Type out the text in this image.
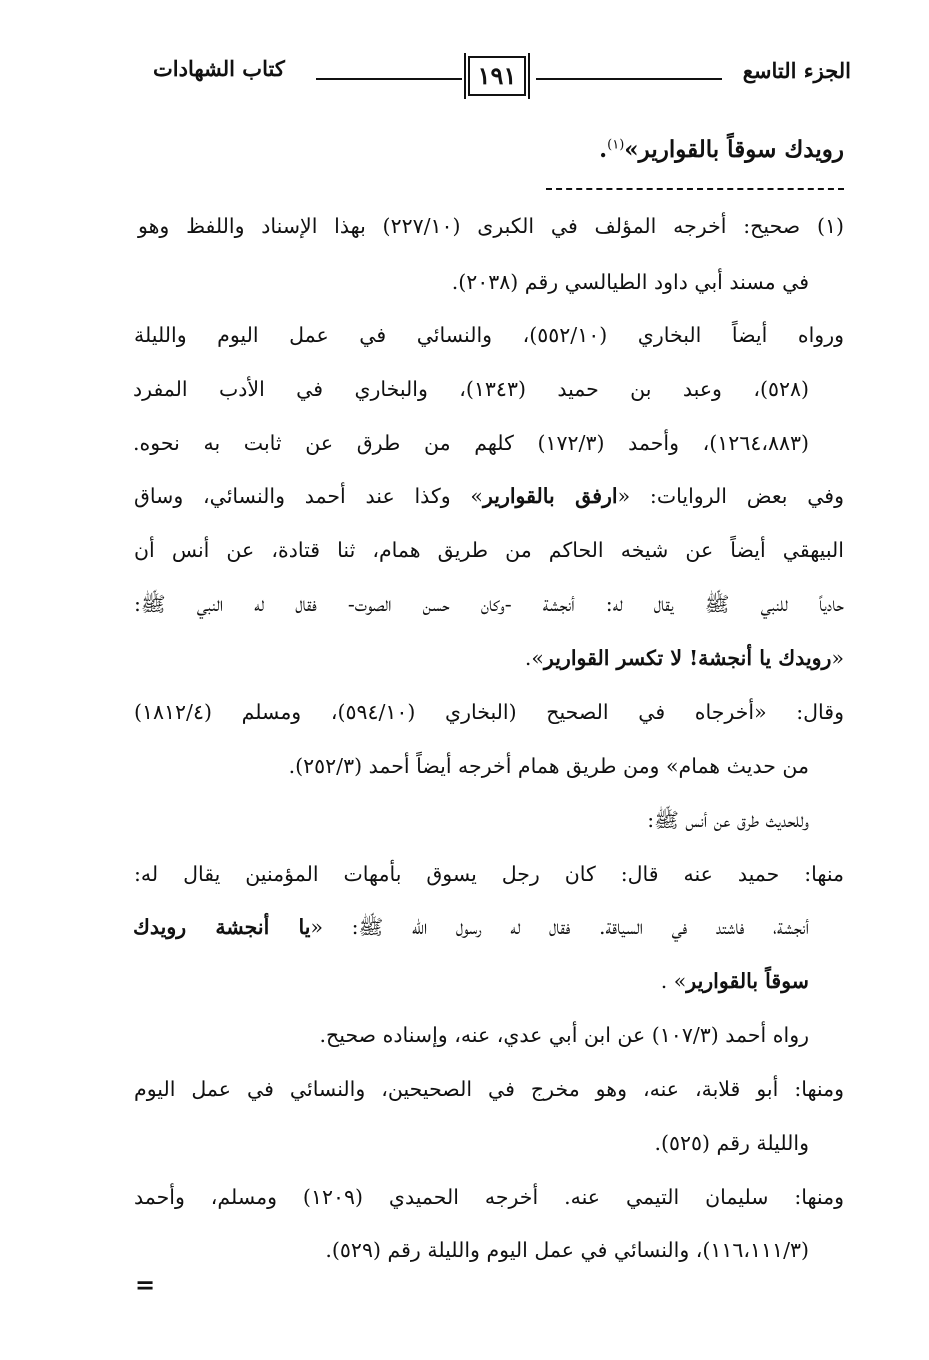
الجزء التاسع
١٩١
كتاب الشهادات
رويدك سوقاً بالقوارير»$^{(١)}$.
(١) صحيح: أخرجه المؤلف في الكبرى (٢٢٧/١٠) بهذا الإسناد واللفظ وهو
في مسند أبي داود الطيالسي رقم (٢٠٣٨).
ورواه أيضاً البخاري (٥٥٢/١٠)، والنسائي في عمل اليوم والليلة
(٥٢٨)، وعبد بن حميد (١٣٤٣)، والبخاري في الأدب المفرد
(١٢٦٤،٨٨٣)، وأحمد (١٧٢/٣) كلهم من طرق عن ثابت به نحوه.
وفي بعض الروايات: «ارفق بالقوارير» وكذا عند أحمد والنسائي، وساق
البيهقي أيضاً عن شيخه الحاكم من طريق همام، ثنا قتادة، عن أنس أن
حادياً للنبي ﷺ يقال له: أنجشة -وكان حسن الصوت- فقال له النبي ﷺ:
«رويدك يا أنجشة! لا تكسر القوارير».
وقال: «أخرجاه في الصحيح (البخاري (٥٩٤/١٠)، ومسلم (١٨١٢/٤)
من حديث همام» ومن طريق همام أخرجه أيضاً أحمد (٢٥٢/٣).
وللحديث طرق عن أنس ﷺ:
منها: حميد عنه قال: كان رجل يسوق بأمهات المؤمنين يقال له:
أنجشة، فاشتد في السياقة. فقال له رسول الله ﷺ: «يا أنجشة رويدك
سوقاً بالقوارير» .
رواه أحمد (١٠٧/٣) عن ابن أبي عدي، عنه، وإسناده صحيح.
ومنها: أبو قلابة، عنه، وهو مخرج في الصحيحين، والنسائي في عمل اليوم
والليلة رقم (٥٢٥).
ومنها: سليمان التيمي عنه. أخرجه الحميدي (١٢٠٩) ومسلم، وأحمد
(١١٦،١١١/٣)، والنسائي في عمل اليوم والليلة رقم (٥٢٩).
=
